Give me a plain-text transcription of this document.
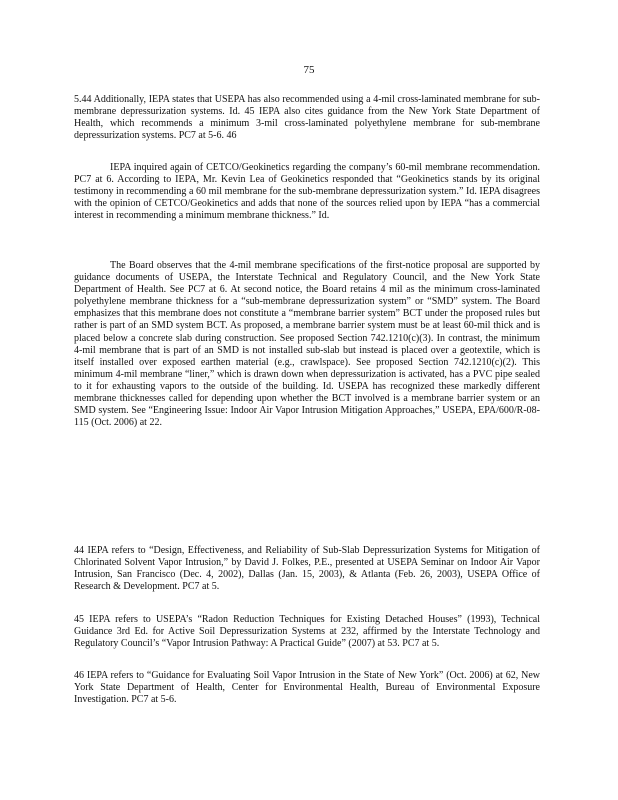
75

5.44 Additionally, IEPA states that USEPA has also recommended using a 4-mil cross-laminated membrane for sub-membrane depressurization systems. Id. 45 IEPA also cites guidance from the New York State Department of Health, which recommends a minimum 3-mil cross-laminated polyethylene membrane for sub-membrane depressurization systems. PC7 at 5-6. 46

IEPA inquired again of CETCO/Geokinetics regarding the company’s 60-mil membrane recommendation. PC7 at 6. According to IEPA, Mr. Kevin Lea of Geokinetics responded that “Geokinetics stands by its original testimony in recommending a 60 mil membrane for the sub-membrane depressurization system.” Id. IEPA disagrees with the opinion of CETCO/Geokinetics and adds that none of the sources relied upon by IEPA “has a commercial interest in recommending a minimum membrane thickness.” Id.

The Board observes that the 4-mil membrane specifications of the first-notice proposal are supported by guidance documents of USEPA, the Interstate Technical and Regulatory Council, and the New York State Department of Health. See PC7 at 6. At second notice, the Board retains 4 mil as the minimum cross-laminated polyethylene membrane thickness for a “sub-membrane depressurization system” or “SMD” system. The Board emphasizes that this membrane does not constitute a “membrane barrier system” BCT under the proposed rules but rather is part of an SMD system BCT. As proposed, a membrane barrier system must be at least 60-mil thick and is placed below a concrete slab during construction. See proposed Section 742.1210(c)(3). In contrast, the minimum 4-mil membrane that is part of an SMD is not installed sub-slab but instead is placed over a geotextile, which is itself installed over exposed earthen material (e.g., crawlspace). See proposed Section 742.1210(c)(2). This minimum 4-mil membrane “liner,” which is drawn down when depressurization is activated, has a PVC pipe sealed to it for exhausting vapors to the outside of the building. Id. USEPA has recognized these markedly different membrane thicknesses called for depending upon whether the BCT involved is a membrane barrier system or an SMD system. See “Engineering Issue: Indoor Air Vapor Intrusion Mitigation Approaches,” USEPA, EPA/600/R-08-115 (Oct. 2006) at 22.

44 IEPA refers to “Design, Effectiveness, and Reliability of Sub-Slab Depressurization Systems for Mitigation of Chlorinated Solvent Vapor Intrusion,” by David J. Folkes, P.E., presented at USEPA Seminar on Indoor Air Vapor Intrusion, San Francisco (Dec. 4, 2002), Dallas (Jan. 15, 2003), & Atlanta (Feb. 26, 2003), USEPA Office of Research & Development. PC7 at 5.

45 IEPA refers to USEPA’s “Radon Reduction Techniques for Existing Detached Houses” (1993), Technical Guidance 3rd Ed. for Active Soil Depressurization Systems at 232, affirmed by the Interstate Technology and Regulatory Council’s “Vapor Intrusion Pathway: A Practical Guide” (2007) at 53. PC7 at 5.

46 IEPA refers to “Guidance for Evaluating Soil Vapor Intrusion in the State of New York” (Oct. 2006) at 62, New York State Department of Health, Center for Environmental Health, Bureau of Environmental Exposure Investigation. PC7 at 5-6.
